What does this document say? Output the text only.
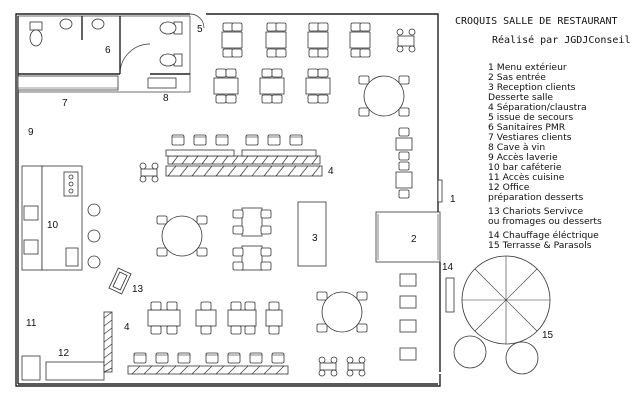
CROQUIS SALLE DE RESTAURANT
Réalisé par JGDJConseil
1 Menu extérieur
2 Sas entrée
3 Reception clients
Desserte salle
4 Séparation/claustra
5 issue de secours
6 Sanitaires PMR
7 Vestiares clients
8 Cave à vin
9 Accès laverie
10 bar caféterie
11 Accès cuisine
12 Office
préparation desserts
13 Chariots Servivce
ou fromages ou desserts
14 Chauffage éléctrique
15 Terrasse & Parasols
5
6
7	8
9
10
11
12
13
4
1
2
3
14
15
4
